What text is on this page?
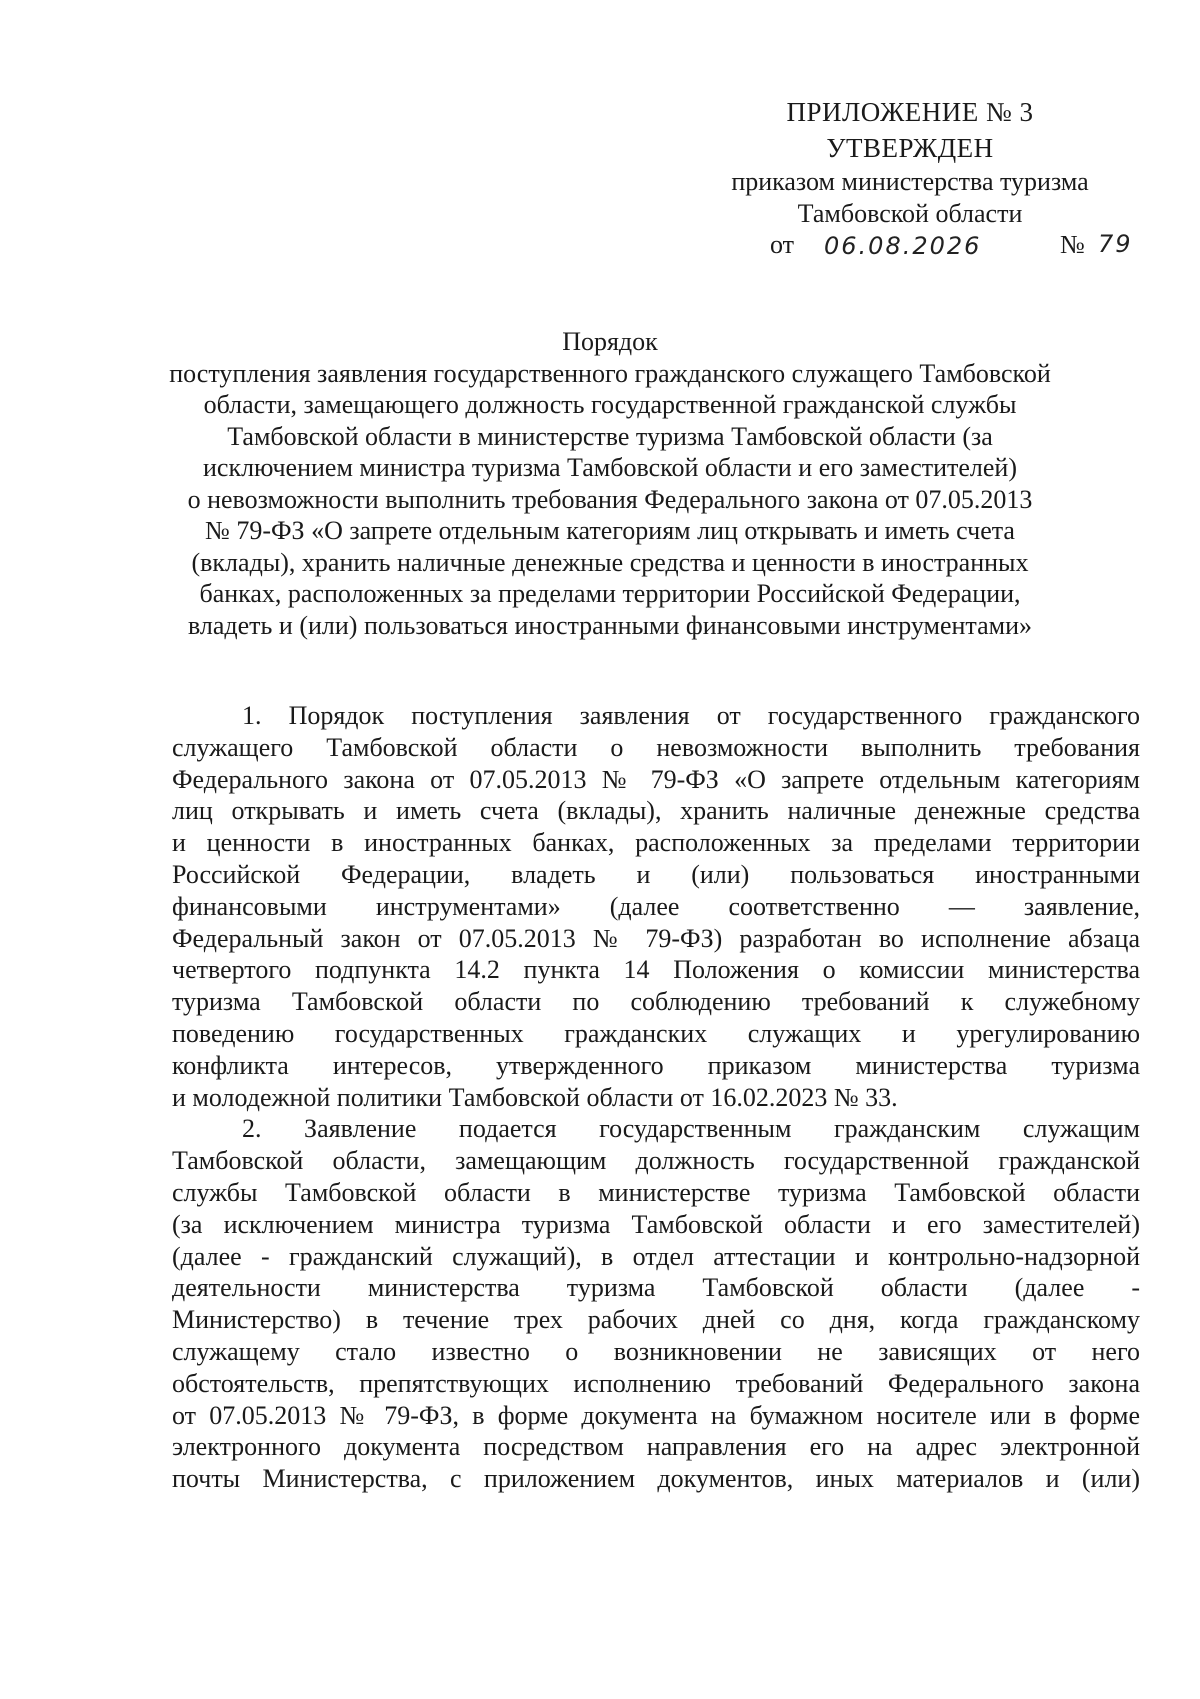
ПРИЛОЖЕНИЕ № 3
УТВЕРЖДЕН
приказом министерства туризма
Тамбовской области
от 06.08.2026	№ 79
Порядок
поступления заявления государственного гражданского служащего Тамбовской
области, замещающего должность государственной гражданской службы
Тамбовской области в министерстве туризма Тамбовской области (за
исключением министра туризма Тамбовской области и его заместителей)
о невозможности выполнить требования Федерального закона от 07.05.2013
№ 79-ФЗ «О запрете отдельным категориям лиц открывать и иметь счета
(вклады), хранить наличные денежные средства и ценности в иностранных
банках, расположенных за пределами территории Российской Федерации,
владеть и (или) пользоваться иностранными финансовыми инструментами»
1. Порядок поступления заявления от государственного гражданского
служащего Тамбовской области о невозможности выполнить требования
Федерального закона от 07.05.2013 № 79-ФЗ «О запрете отдельным категориям
лиц открывать и иметь счета (вклады), хранить наличные денежные средства
и ценности в иностранных банках, расположенных за пределами территории
Российской Федерации, владеть и (или) пользоваться иностранными
финансовыми инструментами» (далее соответственно — заявление,
Федеральный закон от 07.05.2013 № 79-ФЗ) разработан во исполнение абзаца
четвертого подпункта 14.2 пункта 14 Положения о комиссии министерства
туризма Тамбовской области по соблюдению требований к служебному
поведению государственных гражданских служащих и урегулированию
конфликта интересов, утвержденного приказом министерства туризма
и молодежной политики Тамбовской области от 16.02.2023 № 33.
2. Заявление подается государственным гражданским служащим
Тамбовской области, замещающим должность государственной гражданской
службы Тамбовской области в министерстве туризма Тамбовской области
(за исключением министра туризма Тамбовской области и его заместителей)
(далее - гражданский служащий), в отдел аттестации и контрольно-надзорной
деятельности министерства туризма Тамбовской области (далее -
Министерство) в течение трех рабочих дней со дня, когда гражданскому
служащему стало известно о возникновении не зависящих от него
обстоятельств, препятствующих исполнению требований Федерального закона
от 07.05.2013 № 79-ФЗ, в форме документа на бумажном носителе или в форме
электронного документа посредством направления его на адрес электронной
почты Министерства, с приложением документов, иных материалов и (или)
